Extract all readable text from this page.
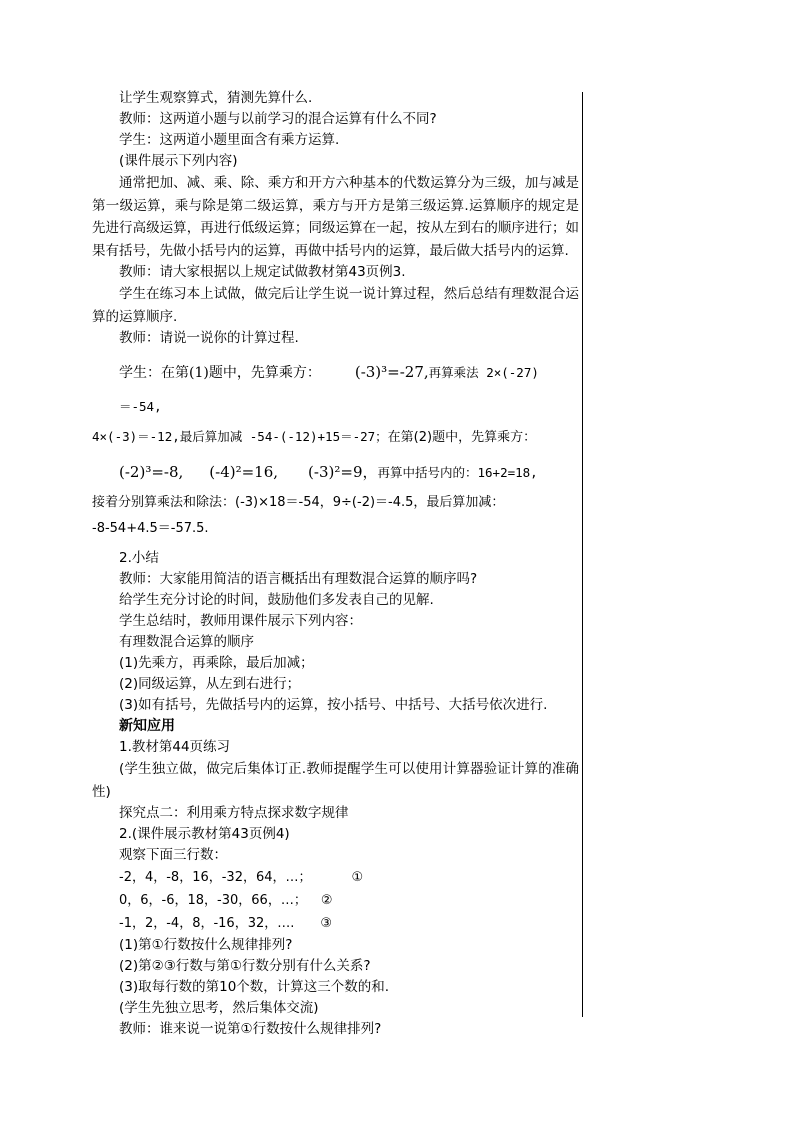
让学生观察算式，猜测先算什么.

教师：这两道小题与以前学习的混合运算有什么不同?

学生：这两道小题里面含有乘方运算.

(课件展示下列内容)

通常把加、减、乘、除、乘方和开方六种基本的代数运算分为三级，加与减是第一级运算，乘与除是第二级运算，乘方与开方是第三级运算.运算顺序的规定是先进行高级运算，再进行低级运算；同级运算在一起，按从左到右的顺序进行；如果有括号，先做小括号内的运算，再做中括号内的运算，最后做大括号内的运算.

教师：请大家根据以上规定试做教材第43页例3.

学生在练习本上试做，做完后让学生说一说计算过程，然后总结有理数混合运算的运算顺序.

教师：请说一说你的计算过程.

学生：在第(1)题中，先算乘方： (-3)³=-27,再算乘法 2×(-27)＝-54,

4×(-3)＝-12,最后算加减 -54-(-12)+15＝-27；在第(2)题中，先算乘方：

(-2)³=-8, (-4)²=16, (-3)²=9，再算中括号内的：16+2=18,

接着分别算乘法和除法：(-3)×18＝-54，9÷(-2)＝-4.5，最后算加减：

-8-54+4.5＝-57.5.

2.小结

教师：大家能用简洁的语言概括出有理数混合运算的顺序吗?

给学生充分讨论的时间，鼓励他们多发表自己的见解.

学生总结时，教师用课件展示下列内容：

有理数混合运算的顺序

(1)先乘方，再乘除，最后加减；

(2)同级运算，从左到右进行；

(3)如有括号，先做括号内的运算，按小括号、中括号、大括号依次进行.

新知应用

1.教材第44页练习

(学生独立做，做完后集体订正.教师提醒学生可以使用计算器验证计算的准确性)

探究点二：利用乘方特点探求数字规律

2.(课件展示教材第43页例4)

观察下面三行数：

-2，4，-8，16，-32，64，…；	①

0，6，-6，18，-30，66，…； ②

-1，2，-4，8，-16，32，…. ③

(1)第①行数按什么规律排列?

(2)第②③行数与第①行数分别有什么关系?

(3)取每行数的第10个数，计算这三个数的和.

(学生先独立思考，然后集体交流)

教师：谁来说一说第①行数按什么规律排列?
